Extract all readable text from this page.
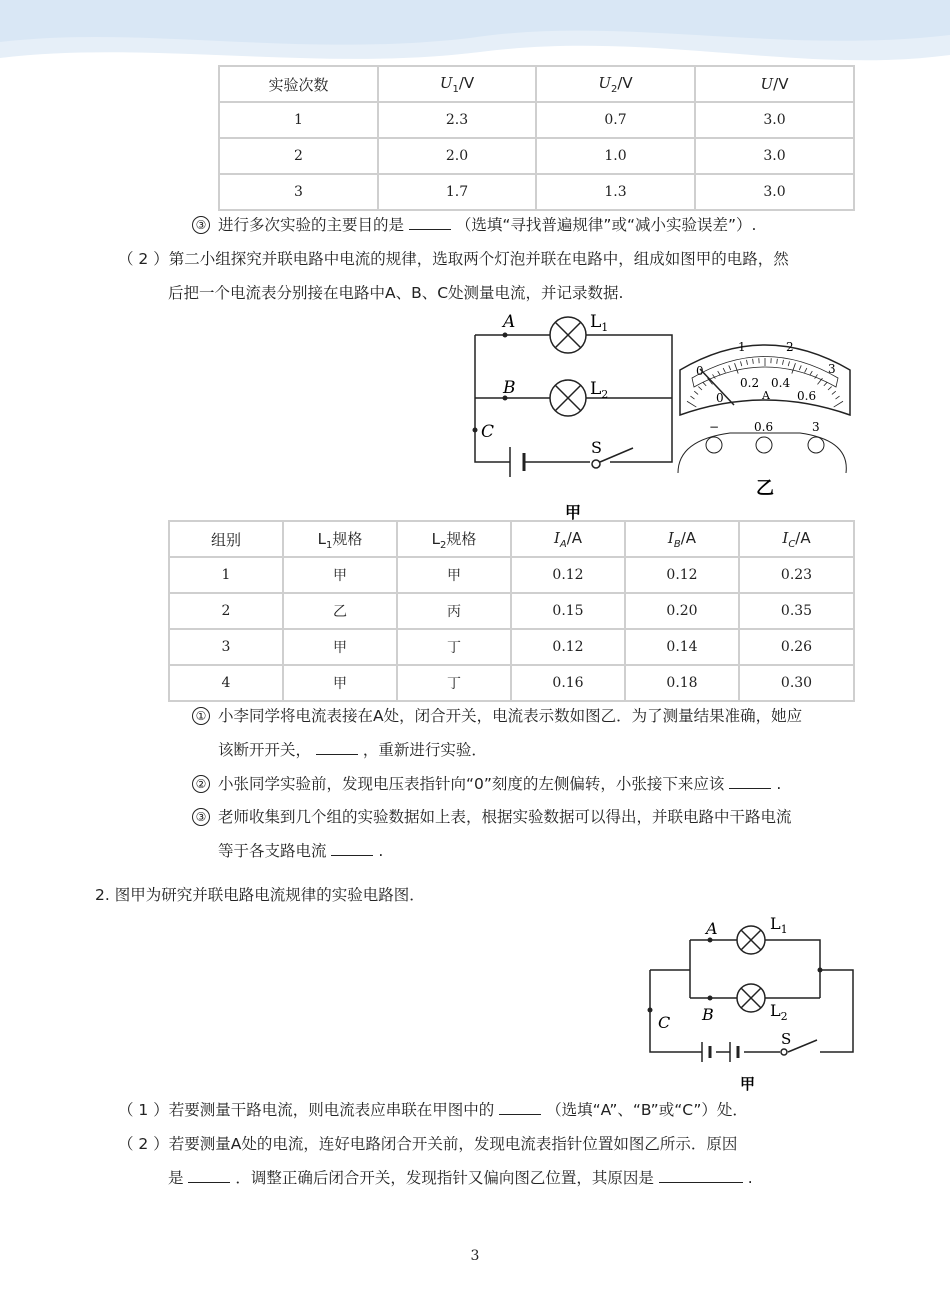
实验次数	$U_1/V$	$U_2/V$	U/V
1	2.3	0.7	3.0
2	2.0	1.0	3.0
3	1.7	1.3	3.0
③ 进行多次实验的主要目的是	（选填“寻找普遍规律”或“减小实验误差”）.
（ 2 ）第二小组探究并联电路中电流的规律，选取两个灯泡并联在电路中，组成如图甲的电路，然
后把一个电流表分别接在电路中A、B、C处测量电流，并记录数据.
A
B
C
$L_1$
$L_2$
S
甲
0
1	2
3
0
0.2 0.4
0.6
A
−	0.6	3
乙
组别	$L_1$规格	$L_2$规格	$I_A/A$	$I_B/A$	$I_C/A$
1	甲	甲	0.12	0.12	0.23
2	乙	丙	0.15	0.20	0.35
3	甲	丁	0.12	0.14	0.26
4	甲	丁	0.16	0.18	0.30
① 小李同学将电流表接在A处，闭合开关，电流表示数如图乙．为了测量结果准确，她应
该断开开关，	，重新进行实验．
② 小张同学实验前，发现电压表指针向“0”刻度的左侧偏转，小张接下来应该	.
③ 老师收集到几个组的实验数据如上表，根据实验数据可以得出，并联电路中干路电流
等于各支路电流	.
2. 图甲为研究并联电路电流规律的实验电路图．
A
B
C
$L_1$
$L_2$
S
甲
（ 1 ）若要测量干路电流，则电流表应串联在甲图中的	（选填“A”、“B”或“C”）处．
（ 2 ）若要测量A处的电流，连好电路闭合开关前，发现电流表指针位置如图乙所示．原因
是	．调整正确后闭合开关，发现指针又偏向图乙位置，其原因是	.
3
